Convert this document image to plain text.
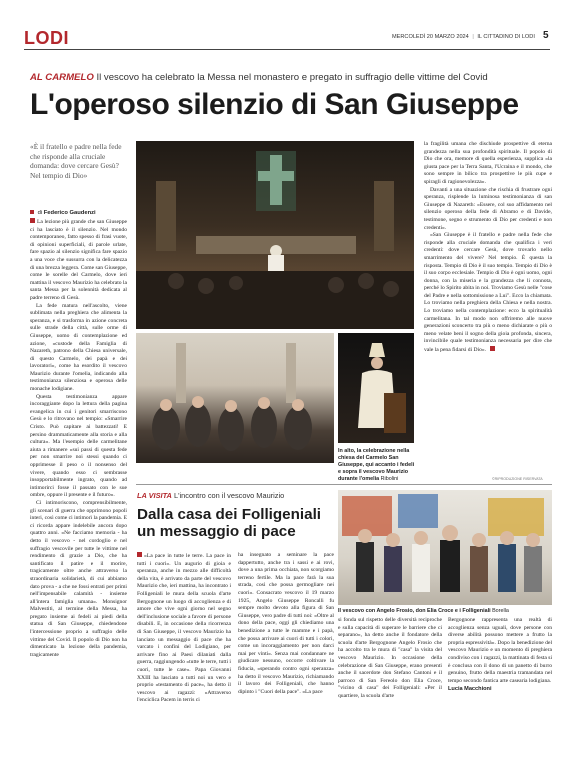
LODI	MERCOLEDÌ 20 MARZO 2024 | IL CITTADINO DI LODI 5
AL CARMELO Il vescovo ha celebrato la Messa nel monastero e pregato in suffragio delle vittime del Covid
L'operoso silenzio di San Giuseppe
«È il fratello e padre nella fede che risponde alla cruciale domanda: dove cercare Gesù? Nel tempio di Dio»
di Federico Gaudenzi

La lezione più grande che san Giuseppe ci ha lasciato è il silenzio. Nel mondo contemporaneo, fatto spesso di frasi vuote, di opinioni superficiali, di parole urlate, fare spazio al silenzio significa fare spazio a una voce che sussurra con la delicatezza di una brezza leggera. Come san Giuseppe, come le sorelle del Carmelo, dove ieri mattina il vescovo Maurizio ha celebrato la santa Messa per la solennità dedicata al padre terreno di Gesù.

La fede matura nell'ascolto, viene sublimata nella preghiera che alimenta la speranza, e si trasforma in azione concreta sulle strade della città, sulle orme di Giuseppe, uomo di contemplazione ed azione, «custode della Famiglia di Nazareth, patrono della Chiesa universale, di questo Carmelo, dei papà e dei lavoratori», come ha esordito il vescovo Maurizio durante l'omelia, indicando alla testimonianza silenziosa e operosa delle monache lodigiane.

Questa testimonianza appare incoraggiante dopo la lettura della pagina evangelica in cui i genitori smarriscono Gesù e lo ritrovano nel tempio: «Smarrire Cristo. Può capitare ai battezzati! E persino drammaticamente alla storia e alla cultura». Ma l'esempio delle carmelitane aiuta a rimanere «sui passi di questa fede per non smarrire noi stessi quando ci opprimesse il peso o il nonsenso del vivere, quando esso ci sembrasse insopportabilmente ingrato, quando ad intimorirci fosse il passato con le sue ombre, oppure il presente e il futuro».

Ci intimoriscono, comprensibilmente, gli scenari di guerra che opprimono popoli interi, così come ci intimorì la pandemia. E ci ricorda appare indelebile ancora dopo quattro anni. «Ne facciamo memoria - ha detto il vescovo - nel cordoglio e nel suffragio vescovile per tutte le vittime nel rendimento di grazie a Dio, che ha santificato il patire e il morire, tragicamente oltre anche attraverso la straordinaria solidarietà, di cui abbiamo dato prova - a che ne fossi entrati per primi nell'impensabile calamità - insieme all'intera famiglia umana». Monsignor Malvestiti, al termine della Messa, ha pregato insieme ai fedeli ai piedi della statua di San Giuseppe, chiedendone l'intercessione proprio a suffragio delle vittime del Covid. Il popolo di Dio non ha dimenticato la lezione della pandemia, tragicamente

In alto, la celebrazione nella chiesa del Carmelo San Giuseppe, qui accanto i fedeli e sopra il vescovo Maurizio durante l'omelia Ribolini

la fragilità umana che dischiude prospettive di eterna grandezza nella sua profondità spirituale. Il popolo di Dio che ora, memore di quella esperienza, supplica «la giusta pace per la Terra Santa, l'Ucraina e il mondo, che sono sempre in bilico tra prospettive le più cupe e spiragli di ragionevolezza».

Davanti a una situazione che rischia di frustrare ogni speranza, risplende la luminosa testimonianza di san Giuseppe di Nazareth: «Essere, col suo affidamento nel silenzio operoso della fede di Abramo e di Davide, testimone, segno e strumento di Dio per credenti e non credenti».

«San Giuseppe è il fratello e padre nella fede che risponde alla cruciale domanda che qualifica i veri credenti: dove cercare Gesù, dove trovarlo nello smarrimento del vivere? Nel tempio. È questa la risposta. Tempio di Dio è il suo tempio. Tempio di Dio è il suo corpo ecclesiale. Tempio di Dio è ogni uomo, ogni donna, con la miseria e la grandezza che li connota, perché lo Spirito abita in noi. Troviamo Gesù nelle "cose del Padre e nella sottomissione a Lui". Ecco la chiamata. Lo troviamo nella preghiera della Chiesa e nella nostra. Lo troviamo nella contemplazione: ecco la spiritualità carmelitana. In tal modo non offriremo alle nuove generazioni sconcerto tra più o meno dichiarate o più o meno velate beni il sogno della gioia profonda, sincera, invincibile quale testimonianza necessaria per dire che vale la pena fidarsi di Dio».

©RIPRODUZIONE RISERVATA
LA VISITA L'incontro con il vescovo Maurizio
Dalla casa dei Folligeniali
un messaggio di pace

«La pace in tutte le terre. La pace in tutti i cuori». Un augurio di gioia e speranza, anche in mezzo alle difficoltà della vita, è arrivato da parte del vescovo Maurizio che, ieri mattina, ha incontrato i Folligeniali le mura della scuola d'arte Bergognone un luogo di accoglienza e di amore che vive ogni giorno nel segno dell'inclusione sociale a favore di persone disabili. E, in occasione della ricorrenza di San Giuseppe, il vescovo Maurizio ha lanciato un messaggio di pace che ha varcato i confini del Lodigiano, per arrivare fino ai Paesi dilaniati dalla guerra, raggiungendo «tutte le terre, tutti i cuori, tutte le case». Papa Giovanni XXIII ha lasciato a tutti noi un vero e proprio «testamento di pace», ha detto il vescovo ai ragazzi: «Attraverso l'enciclica Pacem in terris ci

ha insegnato a seminare la pace dappertutto, anche tra i sassi e ai rovi, dove a una prima occhiata, non scorgiamo terreno fertile. Ma la pace farà la sua strada, così che possa germogliare nei cuori». Consacrato vescovo il 19 marzo 1925, Angelo Giuseppe Roncalli fu sempre molto devoto alla figura di San Giuseppe, vero padre di tutti noi: «Oltre al dono della pace, oggi gli chiediamo una benedizione a tutte le mamme e i papà, che possa arrivare ai cuori di tutti i colori, come un incoraggiamento per non darci mai per vinti». Senza mai condannare ne giudicare nessuno, occorre coltivare la fiducia, «sperando contro ogni speranza» ha detto il vescovo Maurizio, richiamando il lavoro dei Folligeniali, che hanno dipinto i "Cuori della pace". «La pace

Il vescovo con Angelo Frosio, don Elia Croce e i Folligeniali Borella

si fonda sul rispetto delle diversità reciproche e sulla capacità di superare le barriere che ci separano», ha detto anche il fondatore della scuola d'arte Bergognone Angelo Frosio che ha accolto tra le mura di "casa" la visita del vescovo Maurizio. In occasione della celebrazione di San Giuseppe, erano presenti anche il sacerdote don Stefano Cantoni e il parroco di San Fereolo don Elia Croce, "vicino di casa" dei Folligeniali: «Per il quartiere, la scuola d'arte

Bergognone rappresenta una realtà di accoglienza senza uguali, dove persone con diverse abilità possono mettere a frutto la propria espressività». Dopo la benedizione del vescovo Maurizio e un momento di preghiera condiviso con i ragazzi, la mattinata di festa si è conclusa con il dono di un panetto di burro genuino, frutto della maestria tramandata nel tempo secondo fantica arte casearia lodigiana.

Lucia Macchioni
